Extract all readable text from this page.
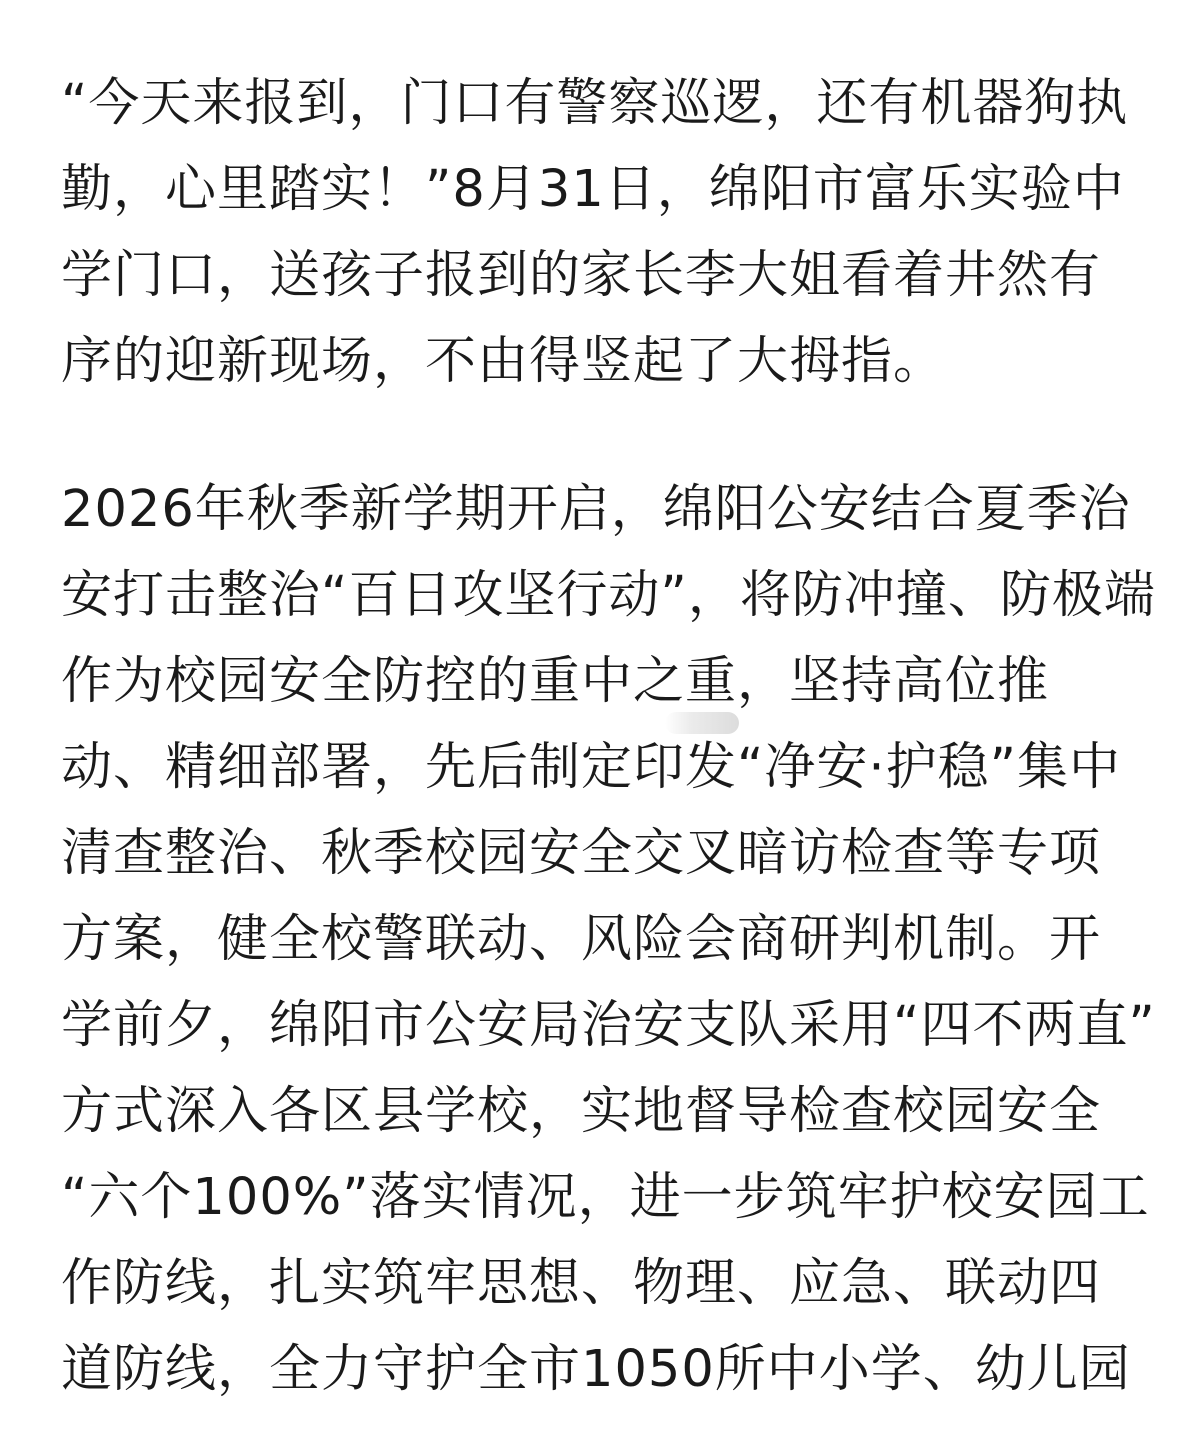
“今天来报到，门口有警察巡逻，还有机器狗执
勤，心里踏实！”8月31日，绵阳市富乐实验中
学门口，送孩子报到的家长李大姐看着井然有
序的迎新现场，不由得竖起了大拇指。
2026年秋季新学期开启，绵阳公安结合夏季治
安打击整治“百日攻坚行动”，将防冲撞、防极端
作为校园安全防控的重中之重，坚持高位推
动、精细部署，先后制定印发“净安·护稳”集中
清查整治、秋季校园安全交叉暗访检查等专项
方案，健全校警联动、风险会商研判机制。开
学前夕，绵阳市公安局治安支队采用“四不两直”
方式深入各区县学校，实地督导检查校园安全
“六个100%”落实情况，进一步筑牢护校安园工
作防线，扎实筑牢思想、物理、应急、联动四
道防线，全力守护全市1050所中小学、幼儿园
